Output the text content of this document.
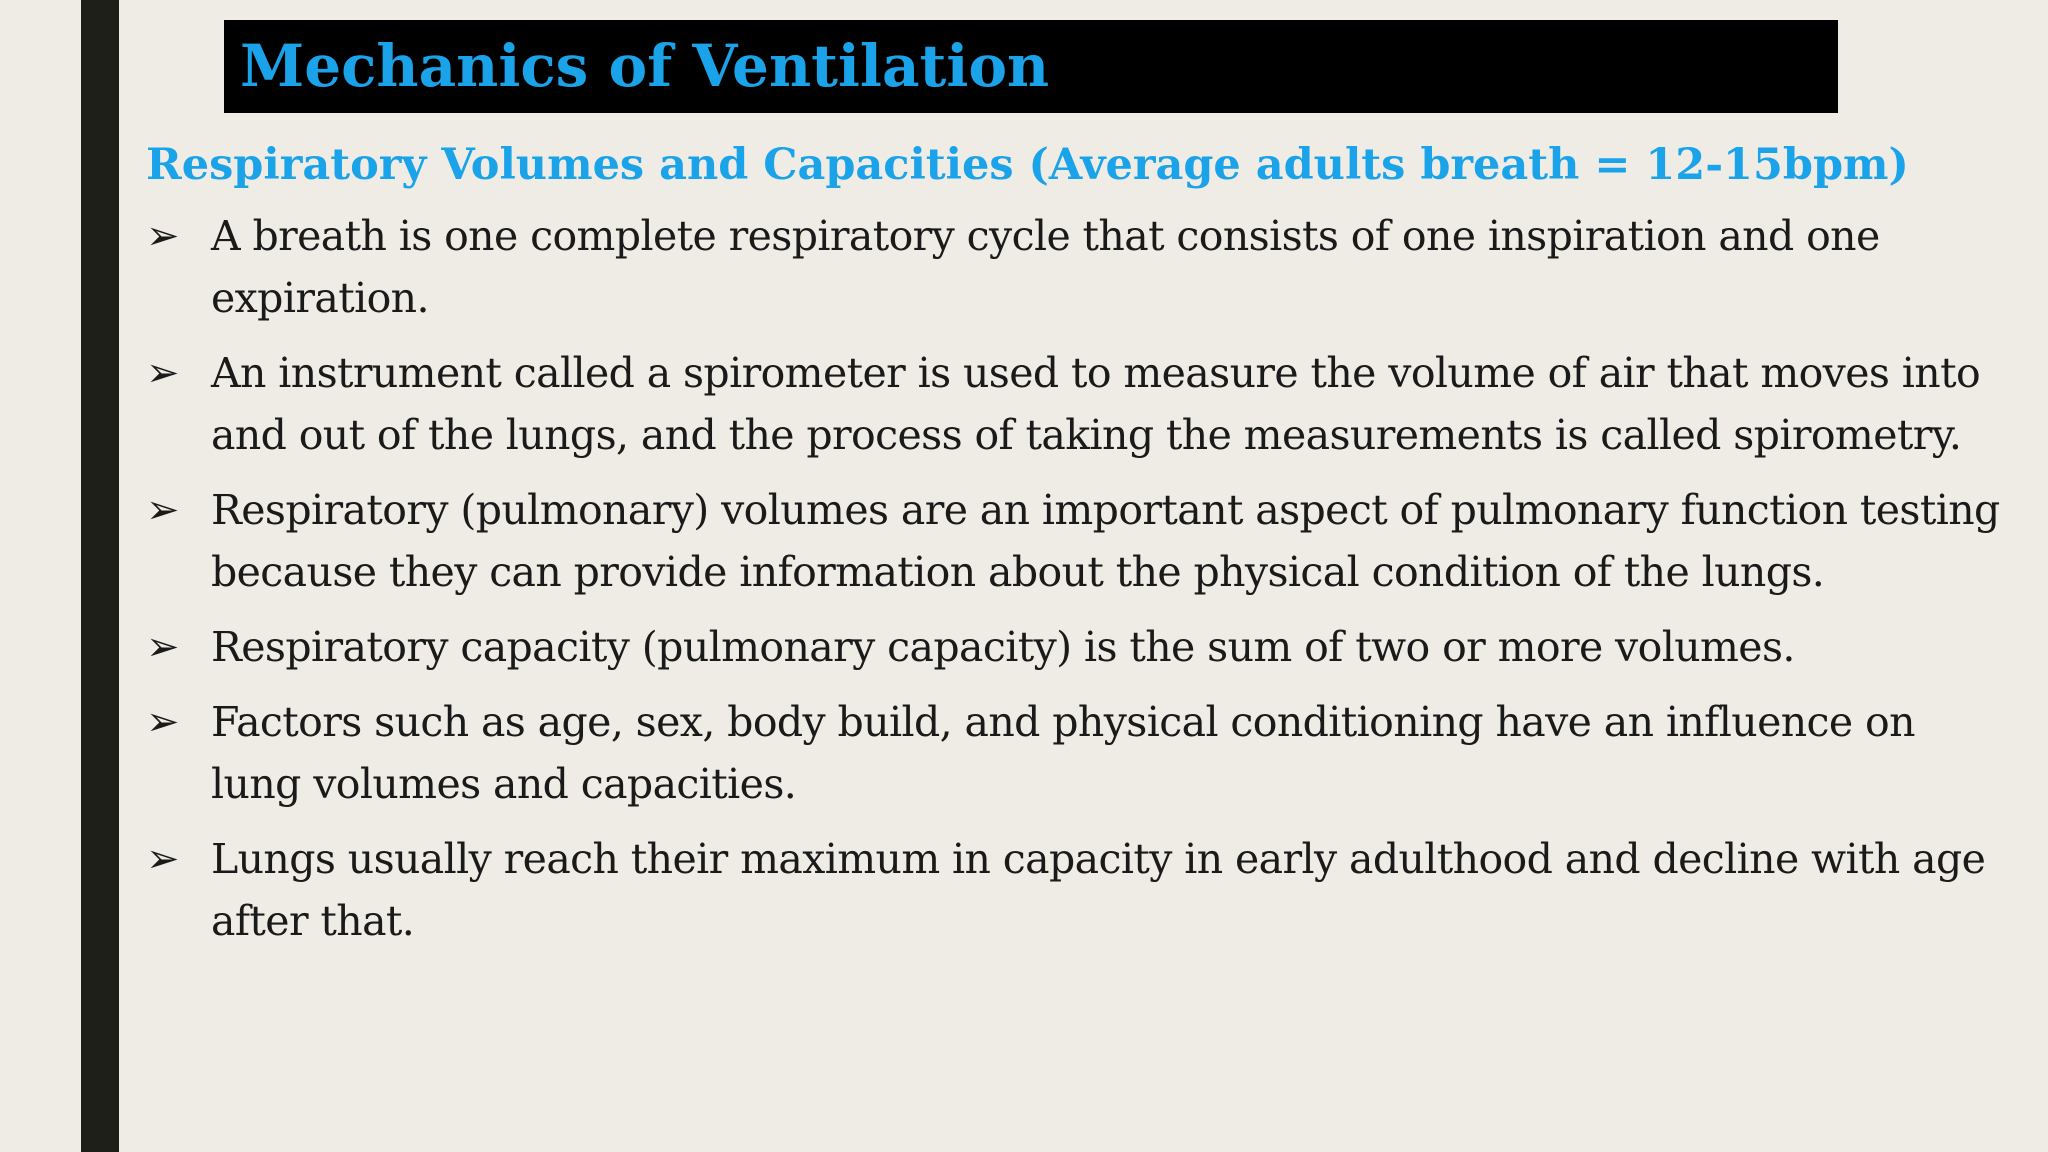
Mechanics of Ventilation
Respiratory Volumes and Capacities (Average adults breath = 12-15bpm)
➢ A breath is one complete respiratory cycle that consists of one inspiration and one expiration.
➢ An instrument called a spirometer is used to measure the volume of air that moves into and out of the lungs, and the process of taking the measurements is called spirometry.
➢ Respiratory (pulmonary) volumes are an important aspect of pulmonary function testing because they can provide information about the physical condition of the lungs.
➢ Respiratory capacity (pulmonary capacity) is the sum of two or more volumes.
➢ Factors such as age, sex, body build, and physical conditioning have an influence on lung volumes and capacities.
➢ Lungs usually reach their maximum in capacity in early adulthood and decline with age after that.
